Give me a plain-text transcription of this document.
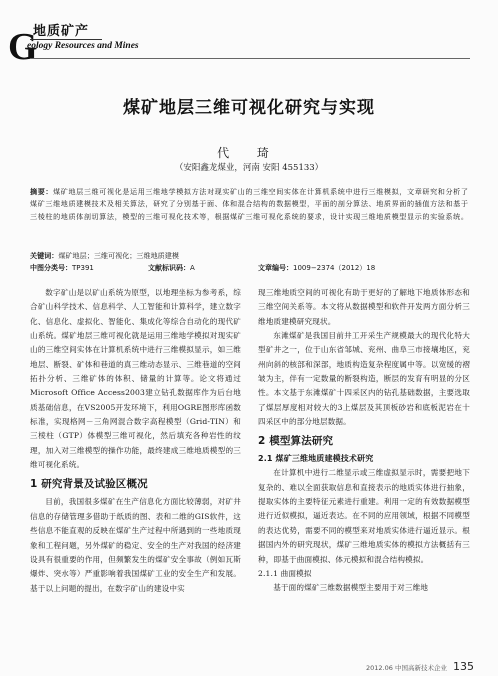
G
地质矿产
eology Resources and Mines
煤矿地层三维可视化研究与实现
代 琦
（安阳鑫龙煤业，河南 安阳 455133）
摘要：煤矿地层三维可视化是运用三维地学模拟方法对现实矿山的三维空间实体在计算机系统中进行三维模拟，文章研究和分析了煤矿三维地质建模技术及相关算法，研究了分别基于面、体和混合结构的数据模型，平面的剖分算法、地质界面的插值方法和基于三棱柱的地质体剖切算法，模型的三维可视化技术等，根据煤矿三维可视化系统的要求，设计实现三维地质模型显示的实验系统。
关键词：煤矿地层；三维可视化；三维地质建模
中图分类号：TP391	文献标识码：A	文章编号：1009−2374（2012）18

数字矿山是以矿山系统为原型，以地理坐标为参考系，综合矿山科学技术、信息科学、人工智能和计算科学，建立数字化、信息化、虚拟化、智能化、集成化等综合自动化的现代矿山系统。煤矿地层三维可视化就是运用三维地学模拟对现实矿山的三维空间实体在计算机系统中进行三维模拟显示，如三维地层、断裂、矿体和巷道的真三维动态显示、三维巷道的空间拓扑分析、三维矿体的体积、储量的计算等。论文将通过Microsoft Office Access2003建立钻孔数据库作为后台地质基础信息，在VS2005开发环境下，利用OGRE图形库函数标准，实现格网－三角网混合数字高程模型（Grid-TIN）和三棱柱（GTP）体模型三维可视化，然后填充各种岩性的纹理，加入对三维模型的操作功能，最终建成三维地质模型的三维可视化系统。

1 研究背景及试验区概况

目前，我国很多煤矿在生产信息化方面比较薄弱，对矿井信息的存储管理多借助于纸质的图、表和二维的GIS软件，这些信息不能直观的反映在煤矿生产过程中所遇到的一些地质现象和工程问题，另外煤矿的稳定、安全的生产对我国的经济建设具有很重要的作用，但频繁发生的煤矿安全事故（例如瓦斯爆炸、突水等）严重影响着我国煤矿工业的安全生产和发展。基于以上问题的提出，在数字矿山的建设中实

现三维地质空间的可视化有助于更好的了解地下地质体形态和三维空间关系等。本文将从数据模型和软件开发两方面分析三维地质建模研究现状。

东滩煤矿是我国目前井工开采生产规模最大的现代化特大型矿井之一，位于山东省邹城、兖州、曲阜三市接壤地区，兖州向斜的核部和深部，地质构造复杂程度属中等。以宽缓的褶皱为主，伴有一定数量的断裂构造，断层的发育有明显的分区性。本文基于东滩煤矿十四采区内的钻孔基础数据，主要选取了煤层厚度相对较大的3上煤层及其顶板砂岩和底板泥岩在十四采区中的部分地层数据。

2 模型算法研究
2.1 煤矿三维地质建模技术研究

在计算机中进行二维显示或三维虚拟显示时，需要把地下复杂的、难以全面获取信息和直接表示的地质实体进行抽象，提取实体的主要特征元素进行重建。利用一定的有效数据模型进行近似模拟，逼近表达。在不同的应用领域，根据不同模型的表达优势，需要不同的模型来对地质实体进行逼近显示。根据国内外的研究现状，煤矿三维地质实体的模拟方法概括有三种，即基于曲面模拟、体元模拟和混合结构模拟。

2.1.1 曲面模拟

基于面的煤矿三维数据模型主要用于对三维地

2012.06 中国高新技术企业 135
